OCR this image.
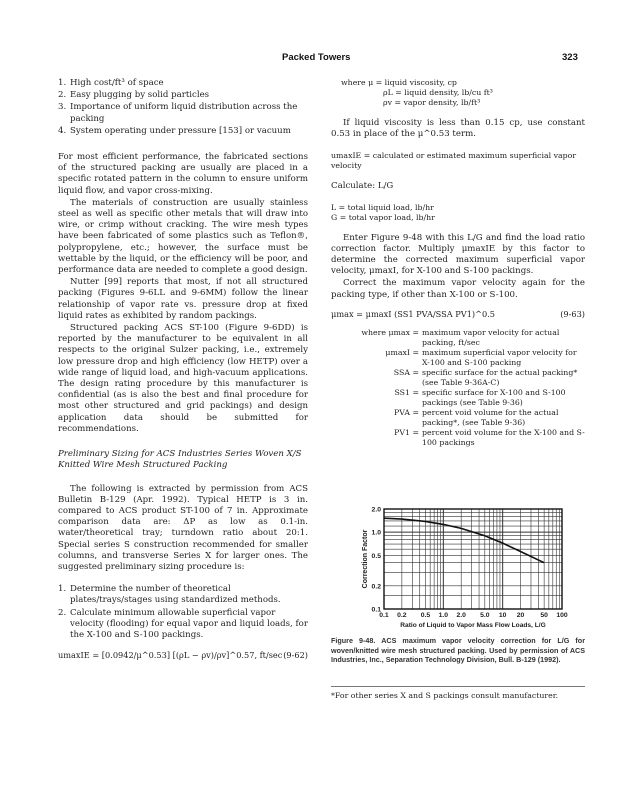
Packed Towers	323
1. High cost/ft³ of space
2. Easy plugging by solid particles
3. Importance of uniform liquid distribution across the packing
4. System operating under pressure [153] or vacuum

For most efficient performance, the fabricated sections of the structured packing are usually are placed in a specific rotated pattern in the column to ensure uniform liquid flow, and vapor cross-mixing.

The materials of construction are usually stainless steel as well as specific other metals that will draw into wire, or crimp without cracking. The wire mesh types have been fabricated of some plastics such as Teflon®, polypropylene, etc.; however, the surface must be wettable by the liquid, or the efficiency will be poor, and performance data are needed to complete a good design.

Nutter [99] reports that most, if not all structured packing (Figures 9-6LL and 9-6MM) follow the linear relationship of vapor rate vs. pressure drop at fixed liquid rates as exhibited by random packings.

Structured packing ACS ST-100 (Figure 9-6DD) is reported by the manufacturer to be equivalent in all respects to the original Sulzer packing, i.e., extremely low pressure drop and high efficiency (low HETP) over a wide range of liquid load, and high-vacuum applications. The design rating procedure by this manufacturer is confidential (as is also the best and final procedure for most other structured and grid packings) and design application data should be submitted for recommendations.

Preliminary Sizing for ACS Industries Series Woven X/S Knitted Wire Mesh Structured Packing

The following is extracted by permission from ACS Bulletin B-129 (Apr. 1992). Typical HETP is 3 in. compared to ACS product ST-100 of 7 in. Approximate comparison data are: ΔP as low as 0.1-in. water/theoretical tray; turndown ratio about 20:1. Special series S construction recommended for smaller columns, and transverse Series X for larger ones. The suggested preliminary sizing procedure is:

1. Determine the number of theoretical plates/trays/stages using standardized methods.
2. Calculate minimum allowable superficial vapor velocity (flooding) for equal vapor and liquid loads, for the X-100 and S-100 packings.
umaxIE = [0.0942/μ^0.53] [(ρL − ρv)/ρv]^0.57, ft/sec (9-62)
where μ = liquid viscosity, cp
ρL = liquid density, lb/cu ft³
ρv = vapor density, lb/ft³

If liquid viscosity is less than 0.15 cp, use constant 0.53 in place of the μ^0.53 term.

umaxIE = calculated or estimated maximum superficial vapor velocity
Calculate: L/G
L = total liquid load, lb/hr
G = total vapor load, lb/hr

Enter Figure 9-48 with this L/G and find the load ratio correction factor. Multiply μmaxIE by this factor to determine the corrected maximum superficial vapor velocity, μmaxI, for X-100 and S-100 packings.

Correct the maximum vapor velocity again for the packing type, if other than X-100 or S-100.

μmax = μmaxI (SS1 PVA/SSA PV1)^0.5	(9-63)
where μmax = maximum vapor velocity for actual packing, ft/sec
μmaxI = maximum superficial vapor velocity for X-100 and S-100 packing
SSA = specific surface for the actual packing* (see Table 9-36A-C)
SS1 = specific surface for X-100 and S-100 packings (see Table 9-36)
PVA = percent void volume for the actual packing*, (see Table 9-36)
PV1 = percent void volume for the X-100 and S-100 packings
0.1 0.2 0.5 1.0 2.0 5.0 10 20 50 100
0.1
0.2
0.5
1.0
2.0
Correction Factor
Ratio of Liquid to Vapor Mass Flow Loads, L/G
Figure 9-48. ACS maximum vapor velocity correction for L/G for woven/knitted wire mesh structured packing. Used by permission of ACS Industries, Inc., Separation Technology Division, Bull. B-129 (1992).
*For other series X and S packings consult manufacturer.
